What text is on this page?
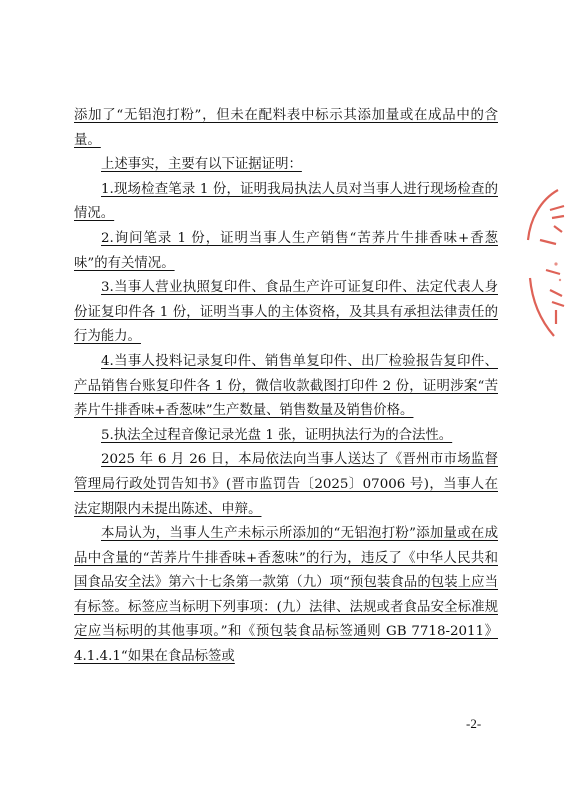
添加了“无铝泡打粉”，但未在配料表中标示其添加量或在成品中的含量。

上述事实，主要有以下证据证明：

1.现场检查笔录 1 份，证明我局执法人员对当事人进行现场检查的情况。

2.询问笔录 1 份，证明当事人生产销售“苦荞片牛排香味+香葱味”的有关情况。

3.当事人营业执照复印件、食品生产许可证复印件、法定代表人身份证复印件各 1 份，证明当事人的主体资格，及其具有承担法律责任的行为能力。

4.当事人投料记录复印件、销售单复印件、出厂检验报告复印件、产品销售台账复印件各 1 份，微信收款截图打印件 2 份，证明涉案“苦荞片牛排香味+香葱味”生产数量、销售数量及销售价格。

5.执法全过程音像记录光盘 1 张，证明执法行为的合法性。

2025 年 6 月 26 日，本局依法向当事人送达了《晋州市市场监督管理局行政处罚告知书》(晋市监罚告〔2025〕07006 号)，当事人在法定期限内未提出陈述、申辩。

本局认为，当事人生产未标示所添加的“无铝泡打粉”添加量或在成品中含量的“苦荞片牛排香味+香葱味”的行为，违反了《中华人民共和国食品安全法》第六十七条第一款第（九）项“预包装食品的包装上应当有标签。标签应当标明下列事项：(九）法律、法规或者食品安全标准规定应当标明的其他事项。”和《预包装食品标签通则 GB 7718-2011》4.1.4.1“如果在食品标签或

-2-
